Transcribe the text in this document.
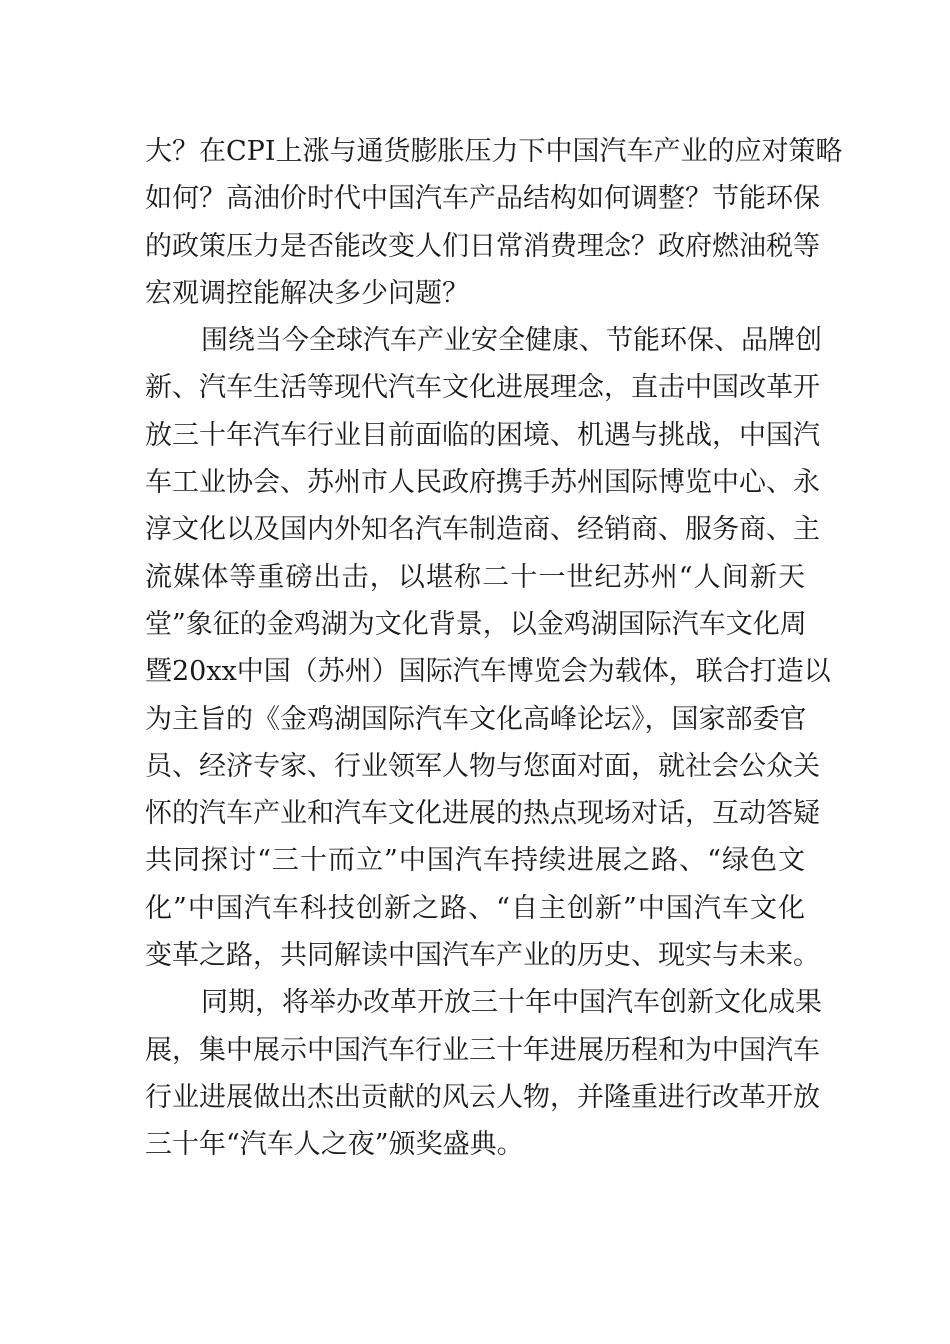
大？在CPI上涨与通货膨胀压力下中国汽车产业的应对策略
如何？高油价时代中国汽车产品结构如何调整？节能环保
的政策压力是否能改变人们日常消费理念？政府燃油税等
宏观调控能解决多少问题？
围绕当今全球汽车产业安全健康、节能环保、品牌创
新、汽车生活等现代汽车文化进展理念，直击中国改革开
放三十年汽车行业目前面临的困境、机遇与挑战，中国汽
车工业协会、苏州市人民政府携手苏州国际博览中心、永
淳文化以及国内外知名汽车制造商、经销商、服务商、主
流媒体等重磅出击，以堪称二十一世纪苏州“人间新天
堂”象征的金鸡湖为文化背景，以金鸡湖国际汽车文化周
暨20xx中国（苏州）国际汽车博览会为载体，联合打造以
为主旨的《金鸡湖国际汽车文化高峰论坛》，国家部委官
员、经济专家、行业领军人物与您面对面，就社会公众关
怀的汽车产业和汽车文化进展的热点现场对话，互动答疑
共同探讨“三十而立”中国汽车持续进展之路、“绿色文
化”中国汽车科技创新之路、“自主创新”中国汽车文化
变革之路，共同解读中国汽车产业的历史、现实与未来。
同期，将举办改革开放三十年中国汽车创新文化成果
展，集中展示中国汽车行业三十年进展历程和为中国汽车
行业进展做出杰出贡献的风云人物，并隆重进行改革开放
三十年“汽车人之夜”颁奖盛典。
